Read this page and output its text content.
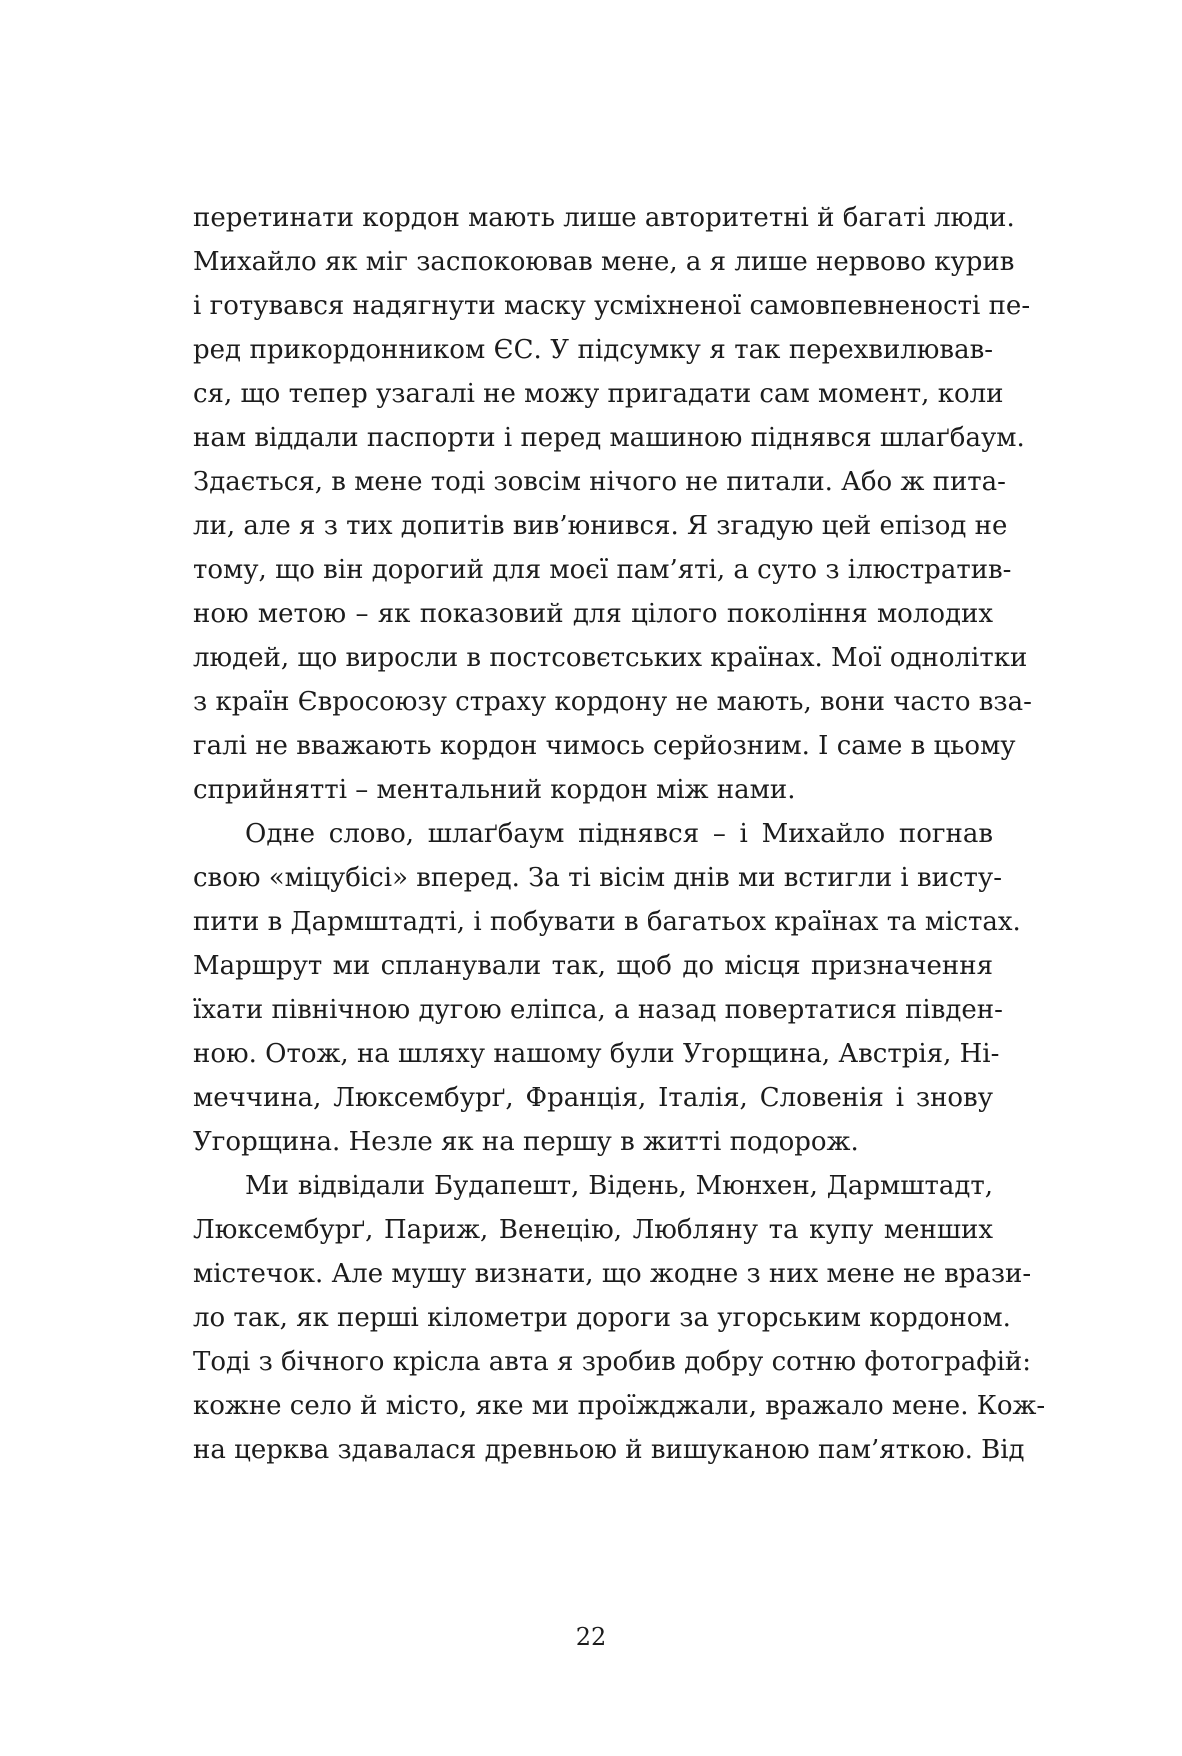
перетинати кордон мають лише авторитетні й багаті люди.
Михайло як міг заспокоював мене, а я лише нервово курив
і готувався надягнути маску усміхненої самовпевненості пе-
ред прикордонником ЄС. У підсумку я так перехвилював-
ся, що тепер узагалі не можу пригадати сам момент, коли
нам віддали паспорти і перед машиною піднявся шлаґбаум.
Здається, в мене тоді зовсім нічого не питали. Або ж пита-
ли, але я з тих допитів вив’юнився. Я згадую цей епізод не
тому, що він дорогий для моєї пам’яті, а суто з ілюстратив-
ною метою – як показовий для цілого покоління молодих
людей, що виросли в постсовєтських країнах. Мої однолітки
з країн Євросоюзу страху кордону не мають, вони часто вза-
галі не вважають кордон чимось серйозним. І саме в цьому
сприйнятті – ментальний кордон між нами.

Одне слово, шлаґбаум піднявся – і Михайло погнав
свою «міцубісі» вперед. За ті вісім днів ми встигли і висту-
пити в Дармштадті, і побувати в багатьох країнах та містах.
Маршрут ми спланували так, щоб до місця призначення
їхати північною дугою еліпса, а назад повертатися півден-
ною. Отож, на шляху нашому були Угорщина, Австрія, Ні-
меччина, Люксембурґ, Франція, Італія, Словенія і знову
Угорщина. Незле як на першу в житті подорож.

Ми відвідали Будапешт, Відень, Мюнхен, Дармштадт,
Люксембурґ, Париж, Венецію, Любляну та купу менших
містечок. Але мушу визнати, що жодне з них мене не врази-
ло так, як перші кілометри дороги за угорським кордоном.
Тоді з бічного крісла авта я зробив добру сотню фотографій:
кожне село й місто, яке ми проїжджали, вражало мене. Кож-
на церква здавалася древньою й вишуканою пам’яткою. Від

22
